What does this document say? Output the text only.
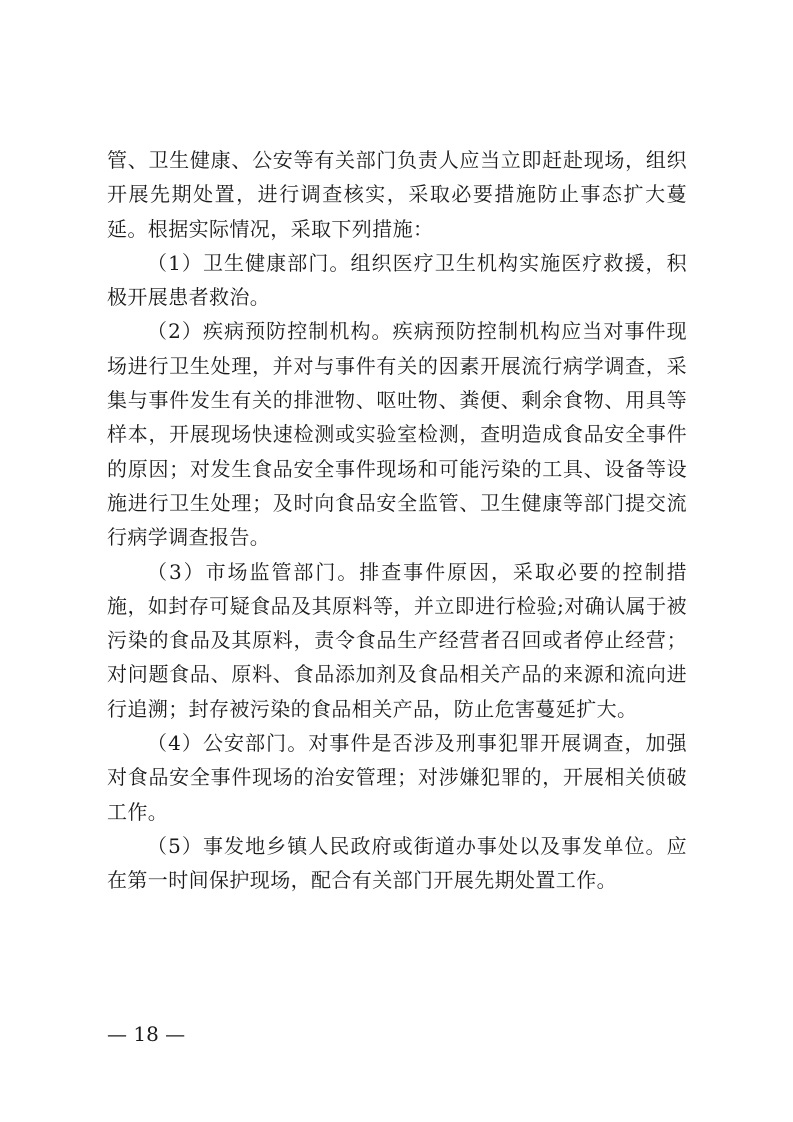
管、卫生健康、公安等有关部门负责人应当立即赶赴现场，组织开展先期处置，进行调查核实，采取必要措施防止事态扩大蔓延。根据实际情况，采取下列措施：

（1）卫生健康部门。组织医疗卫生机构实施医疗救援，积极开展患者救治。

（2）疾病预防控制机构。疾病预防控制机构应当对事件现场进行卫生处理，并对与事件有关的因素开展流行病学调查，采集与事件发生有关的排泄物、呕吐物、粪便、剩余食物、用具等样本，开展现场快速检测或实验室检测，查明造成食品安全事件的原因；对发生食品安全事件现场和可能污染的工具、设备等设施进行卫生处理；及时向食品安全监管、卫生健康等部门提交流行病学调查报告。

（3）市场监管部门。排查事件原因，采取必要的控制措施，如封存可疑食品及其原料等，并立即进行检验;对确认属于被污染的食品及其原料，责令食品生产经营者召回或者停止经营；对问题食品、原料、食品添加剂及食品相关产品的来源和流向进行追溯；封存被污染的食品相关产品，防止危害蔓延扩大。

（4）公安部门。对事件是否涉及刑事犯罪开展调查，加强对食品安全事件现场的治安管理；对涉嫌犯罪的，开展相关侦破工作。

（5）事发地乡镇人民政府或街道办事处以及事发单位。应在第一时间保护现场，配合有关部门开展先期处置工作。

— 18 —
